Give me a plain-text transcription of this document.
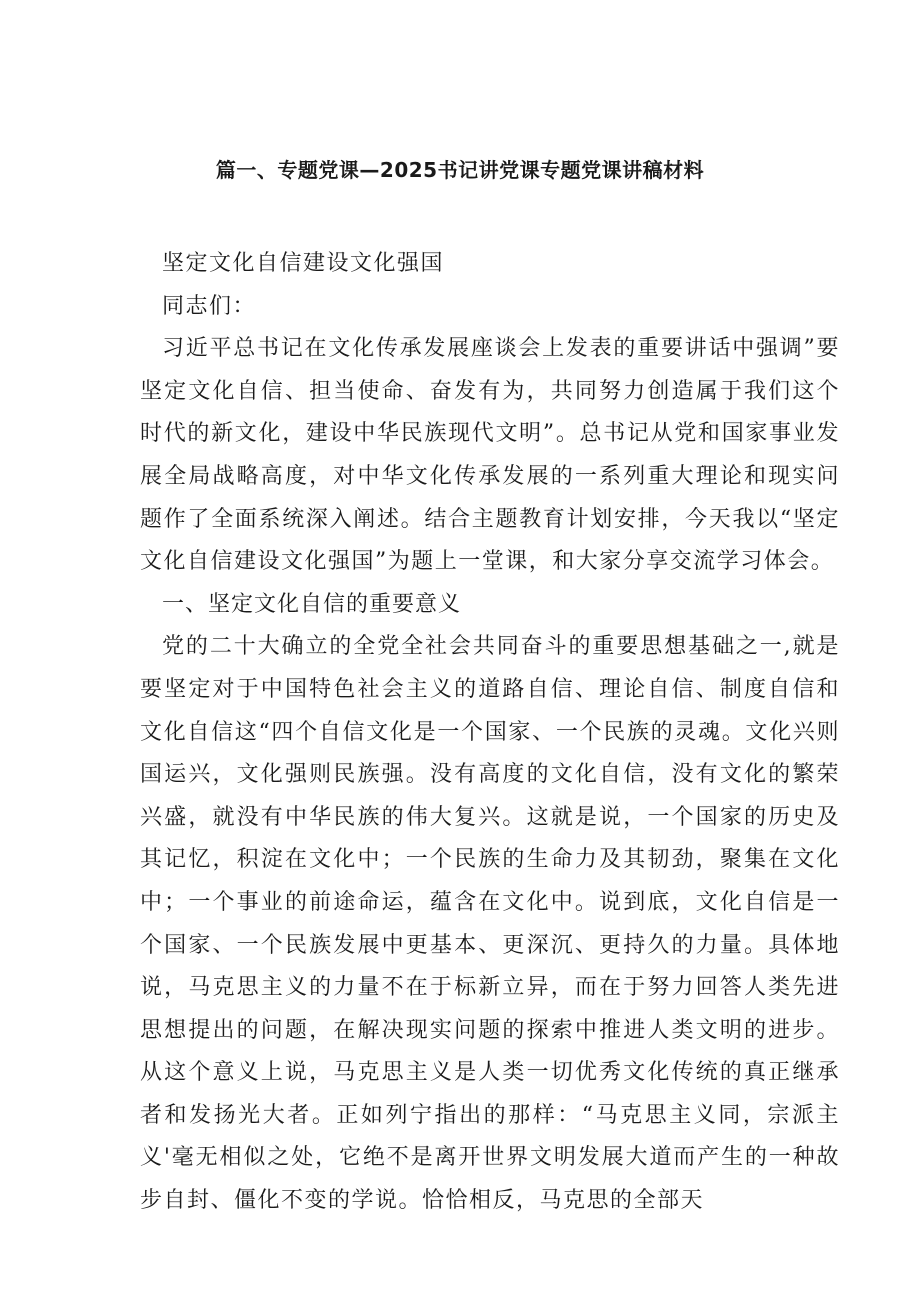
篇一、专题党课—2025书记讲党课专题党课讲稿材料

坚定文化自信建设文化强国

同志们：

习近平总书记在文化传承发展座谈会上发表的重要讲话中强调”要坚定文化自信、担当使命、奋发有为，共同努力创造属于我们这个时代的新文化，建设中华民族现代文明”。总书记从党和国家事业发展全局战略高度，对中华文化传承发展的一系列重大理论和现实问题作了全面系统深入阐述。结合主题教育计划安排，今天我以“坚定文化自信建设文化强国”为题上一堂课，和大家分享交流学习体会。

一、坚定文化自信的重要意义

党的二十大确立的全党全社会共同奋斗的重要思想基础之一,就是要坚定对于中国特色社会主义的道路自信、理论自信、制度自信和文化自信这“四个自信文化是一个国家、一个民族的灵魂。文化兴则国运兴，文化强则民族强。没有高度的文化自信，没有文化的繁荣兴盛，就没有中华民族的伟大复兴。这就是说，一个国家的历史及其记忆，积淀在文化中；一个民族的生命力及其韧劲，聚集在文化中；一个事业的前途命运，蕴含在文化中。说到底，文化自信是一个国家、一个民族发展中更基本、更深沉、更持久的力量。具体地说，马克思主义的力量不在于标新立异，而在于努力回答人类先进思想提出的问题，在解决现实问题的探索中推进人类文明的进步。从这个意义上说，马克思主义是人类一切优秀文化传统的真正继承者和发扬光大者。正如列宁指出的那样：“马克思主义同，宗派主义'毫无相似之处，它绝不是离开世界文明发展大道而产生的一种故步自封、僵化不变的学说。恰恰相反，马克思的全部天
